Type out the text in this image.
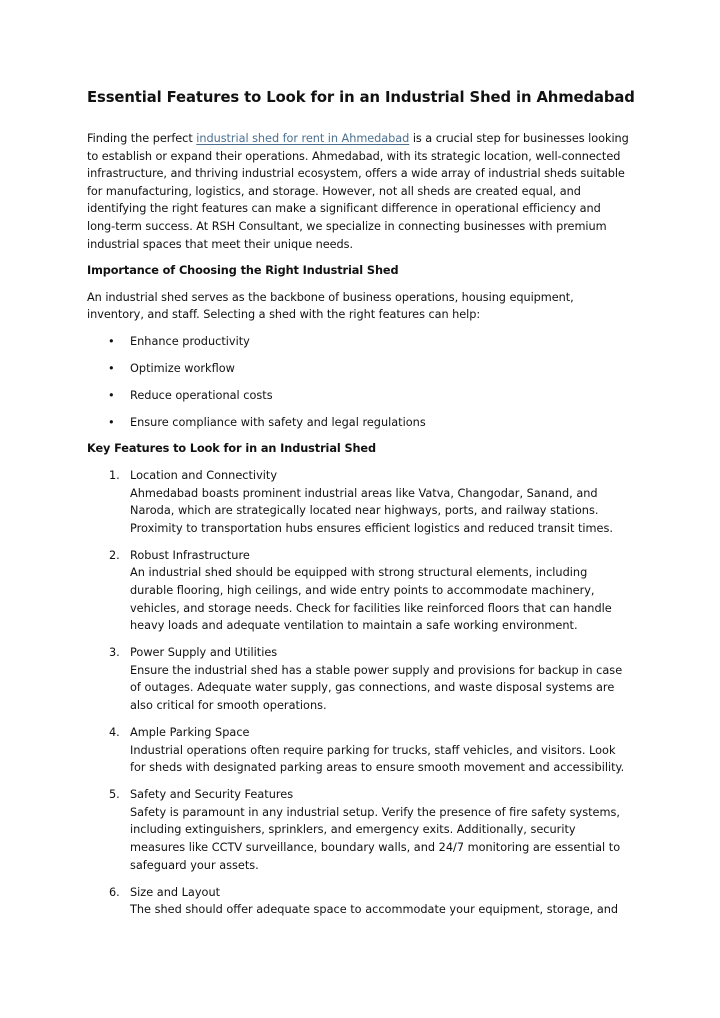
Essential Features to Look for in an Industrial Shed in Ahmedabad

Finding the perfect industrial shed for rent in Ahmedabad is a crucial step for businesses looking to establish or expand their operations. Ahmedabad, with its strategic location, well-connected infrastructure, and thriving industrial ecosystem, offers a wide array of industrial sheds suitable for manufacturing, logistics, and storage. However, not all sheds are created equal, and identifying the right features can make a significant difference in operational efficiency and long-term success. At RSH Consultant, we specialize in connecting businesses with premium industrial spaces that meet their unique needs.

Importance of Choosing the Right Industrial Shed

An industrial shed serves as the backbone of business operations, housing equipment, inventory, and staff. Selecting a shed with the right features can help:

• Enhance productivity
• Optimize workflow
• Reduce operational costs
• Ensure compliance with safety and legal regulations
Key Features to Look for in an Industrial Shed
1. Location and Connectivity
Ahmedabad boasts prominent industrial areas like Vatva, Changodar, Sanand, and Naroda, which are strategically located near highways, ports, and railway stations. Proximity to transportation hubs ensures efficient logistics and reduced transit times.
2. Robust Infrastructure
An industrial shed should be equipped with strong structural elements, including durable flooring, high ceilings, and wide entry points to accommodate machinery, vehicles, and storage needs. Check for facilities like reinforced floors that can handle heavy loads and adequate ventilation to maintain a safe working environment.
3. Power Supply and Utilities
Ensure the industrial shed has a stable power supply and provisions for backup in case of outages. Adequate water supply, gas connections, and waste disposal systems are also critical for smooth operations.
4. Ample Parking Space
Industrial operations often require parking for trucks, staff vehicles, and visitors. Look for sheds with designated parking areas to ensure smooth movement and accessibility.
5. Safety and Security Features
Safety is paramount in any industrial setup. Verify the presence of fire safety systems, including extinguishers, sprinklers, and emergency exits. Additionally, security measures like CCTV surveillance, boundary walls, and 24/7 monitoring are essential to safeguard your assets.
6. Size and Layout
The shed should offer adequate space to accommodate your equipment, storage, and
